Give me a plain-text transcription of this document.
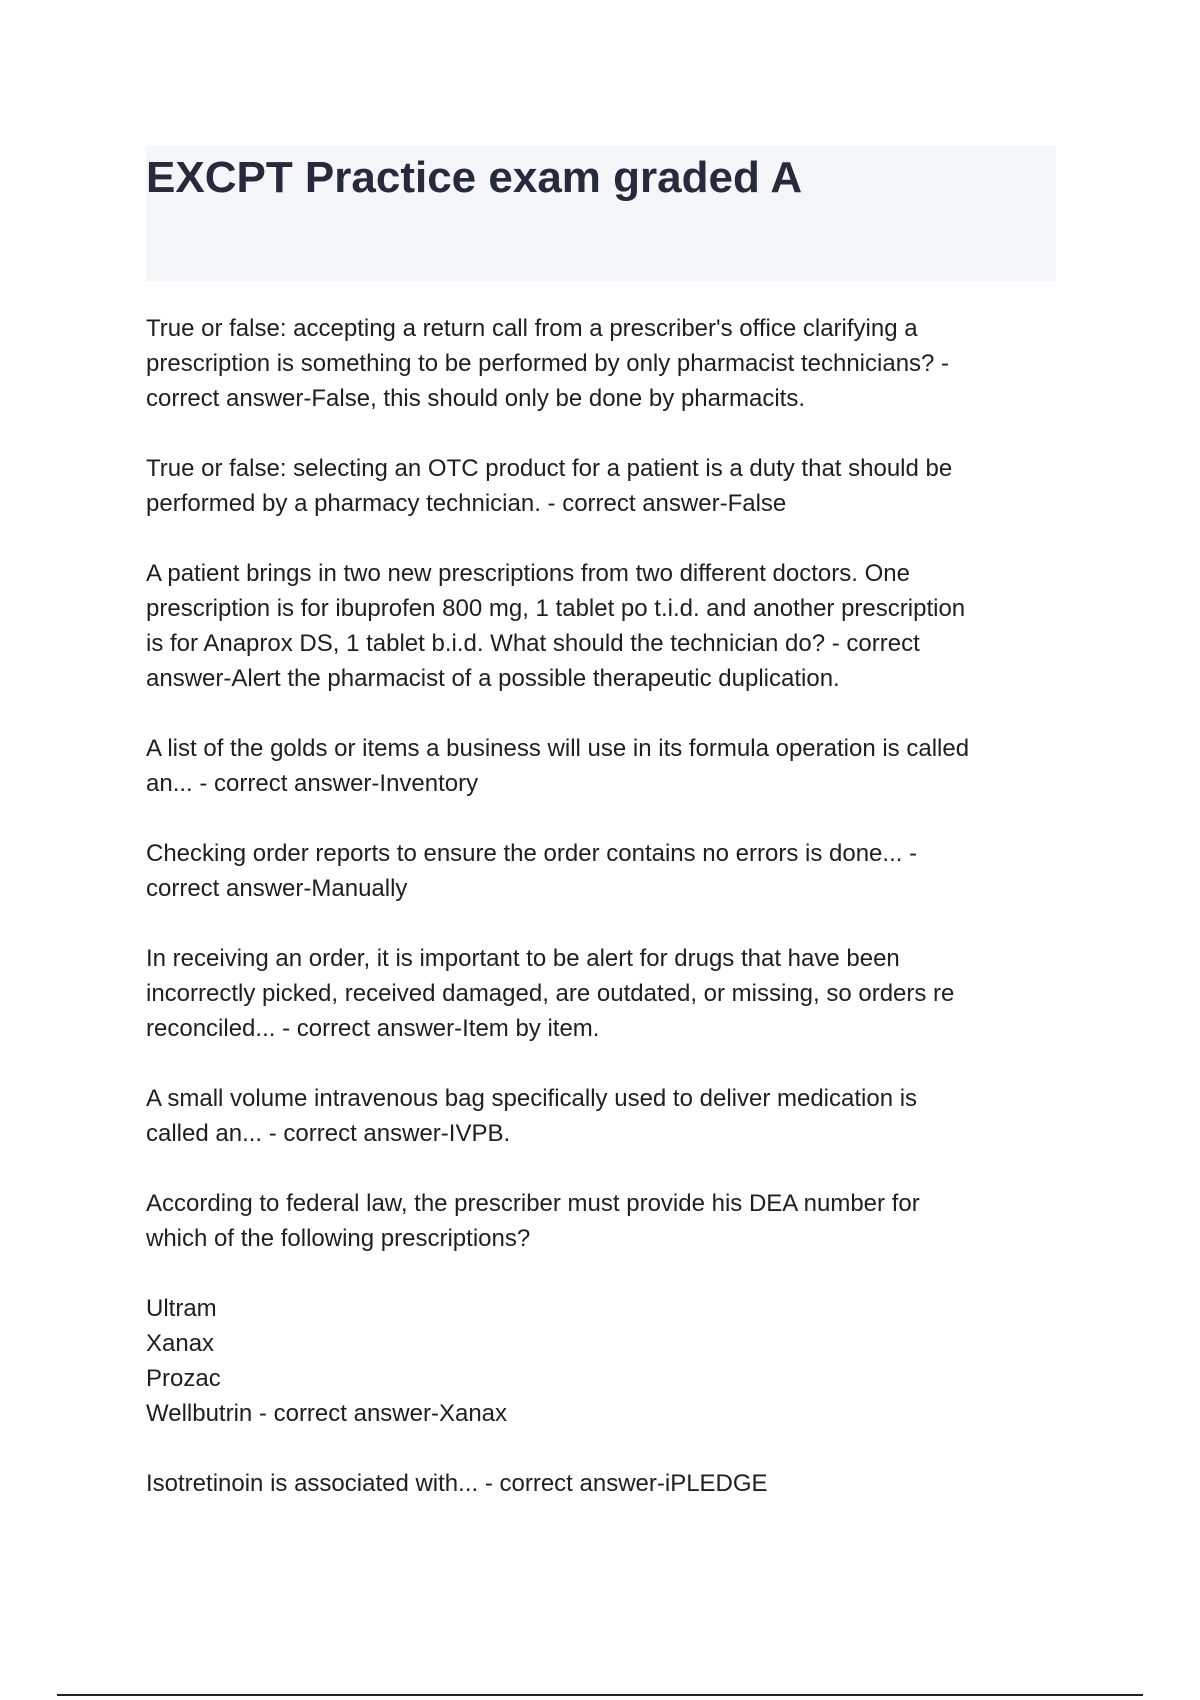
EXCPT Practice exam graded A

True or false: accepting a return call from a prescriber's office clarifying a
prescription is something to be performed by only pharmacist technicians? -
correct answer-False, this should only be done by pharmacits.

True or false: selecting an OTC product for a patient is a duty that should be
performed by a pharmacy technician. - correct answer-False

A patient brings in two new prescriptions from two different doctors. One
prescription is for ibuprofen 800 mg, 1 tablet po t.i.d. and another prescription
is for Anaprox DS, 1 tablet b.i.d. What should the technician do? - correct
answer-Alert the pharmacist of a possible therapeutic duplication.

A list of the golds or items a business will use in its formula operation is called
an... - correct answer-Inventory

Checking order reports to ensure the order contains no errors is done... -
correct answer-Manually

In receiving an order, it is important to be alert for drugs that have been
incorrectly picked, received damaged, are outdated, or missing, so orders re
reconciled... - correct answer-Item by item.

A small volume intravenous bag specifically used to deliver medication is
called an... - correct answer-IVPB.

According to federal law, the prescriber must provide his DEA number for
which of the following prescriptions?

Ultram
Xanax
Prozac
Wellbutrin - correct answer-Xanax

Isotretinoin is associated with... - correct answer-iPLEDGE
